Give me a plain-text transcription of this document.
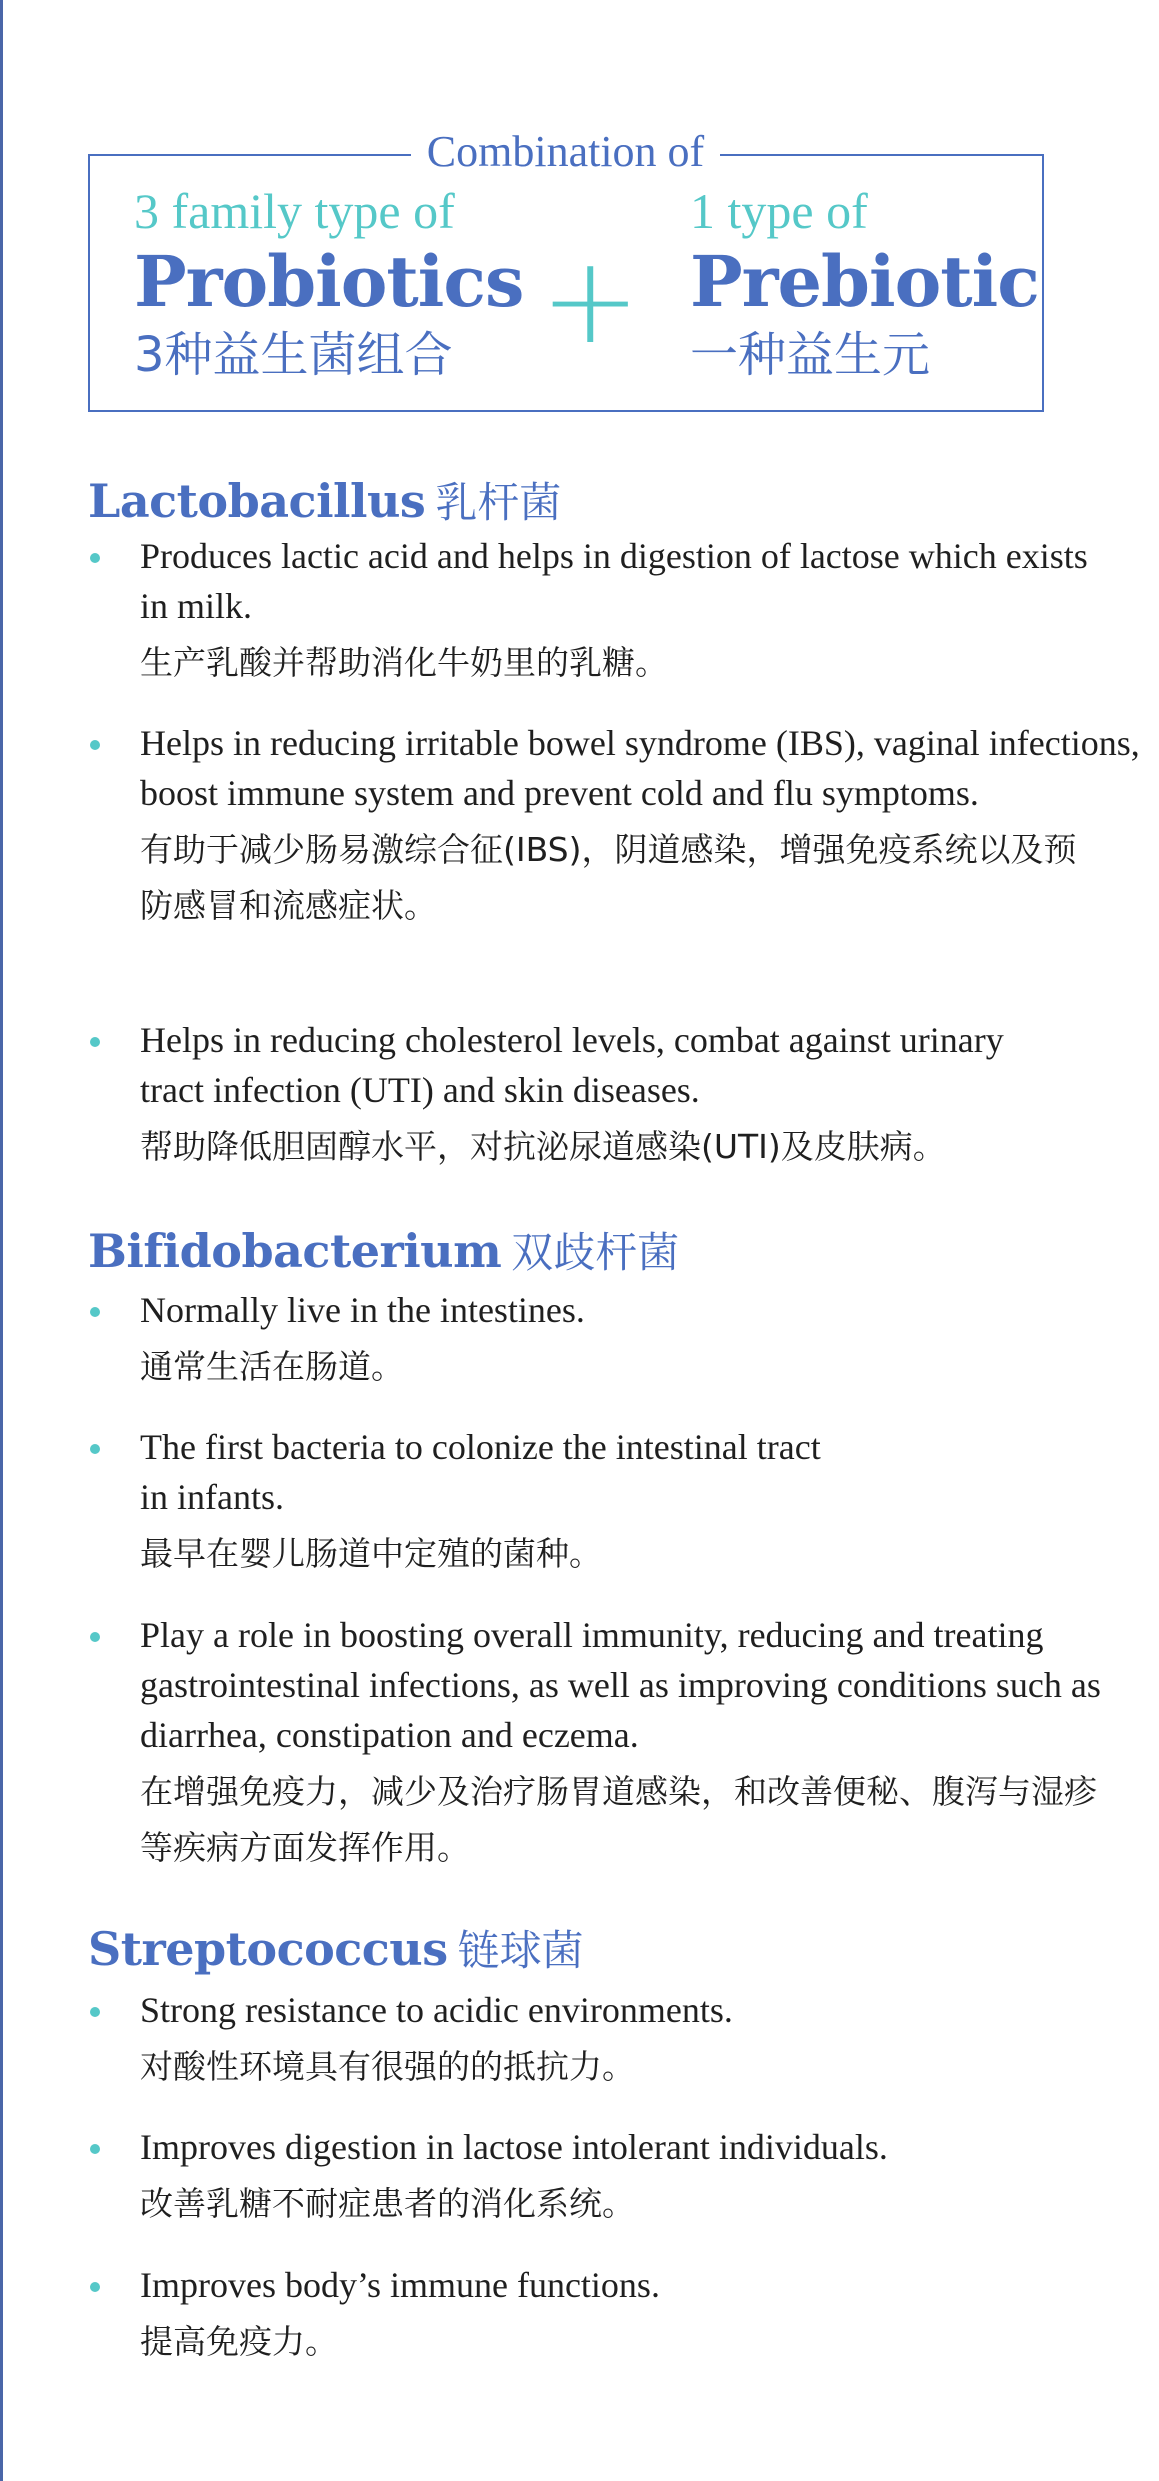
3 family type of
Probiotics
3种益生菌组合 +
1 type of
Prebiotic
一种益生元
Combination of
Lactobacillus 乳杆菌
Produces lactic acid and helps in digestion of lactose which exists in milk.
生产乳酸并帮助消化牛奶里的乳糖。
Helps in reducing irritable bowel syndrome (IBS), vaginal infections, boost immune system and prevent cold and flu symptoms.
有助于减少肠易激综合征(IBS)，阴道感染，增强免疫系统以及预防感冒和流感症状。
Helps in reducing cholesterol levels, combat against urinary tract infection (UTI) and skin diseases.
帮助降低胆固醇水平，对抗泌尿道感染(UTI)及皮肤病。
Bifidobacterium 双歧杆菌
Normally live in the intestines.
通常生活在肠道。
The first bacteria to colonize the intestinal tract in infants.
最早在婴儿肠道中定殖的菌种。
Play a role in boosting overall immunity, reducing and treating gastrointestinal infections, as well as improving conditions such as diarrhea, constipation and eczema.
在增强免疫力，减少及治疗肠胃道感染，和改善便秘、腹泻与湿疹等疾病方面发挥作用。
Streptococcus 链球菌
Strong resistance to acidic environments.
对酸性环境具有很强的的抵抗力。
Improves digestion in lactose intolerant individuals.
改善乳糖不耐症患者的消化系统。
Improves body’s immune functions.
提高免疫力。
